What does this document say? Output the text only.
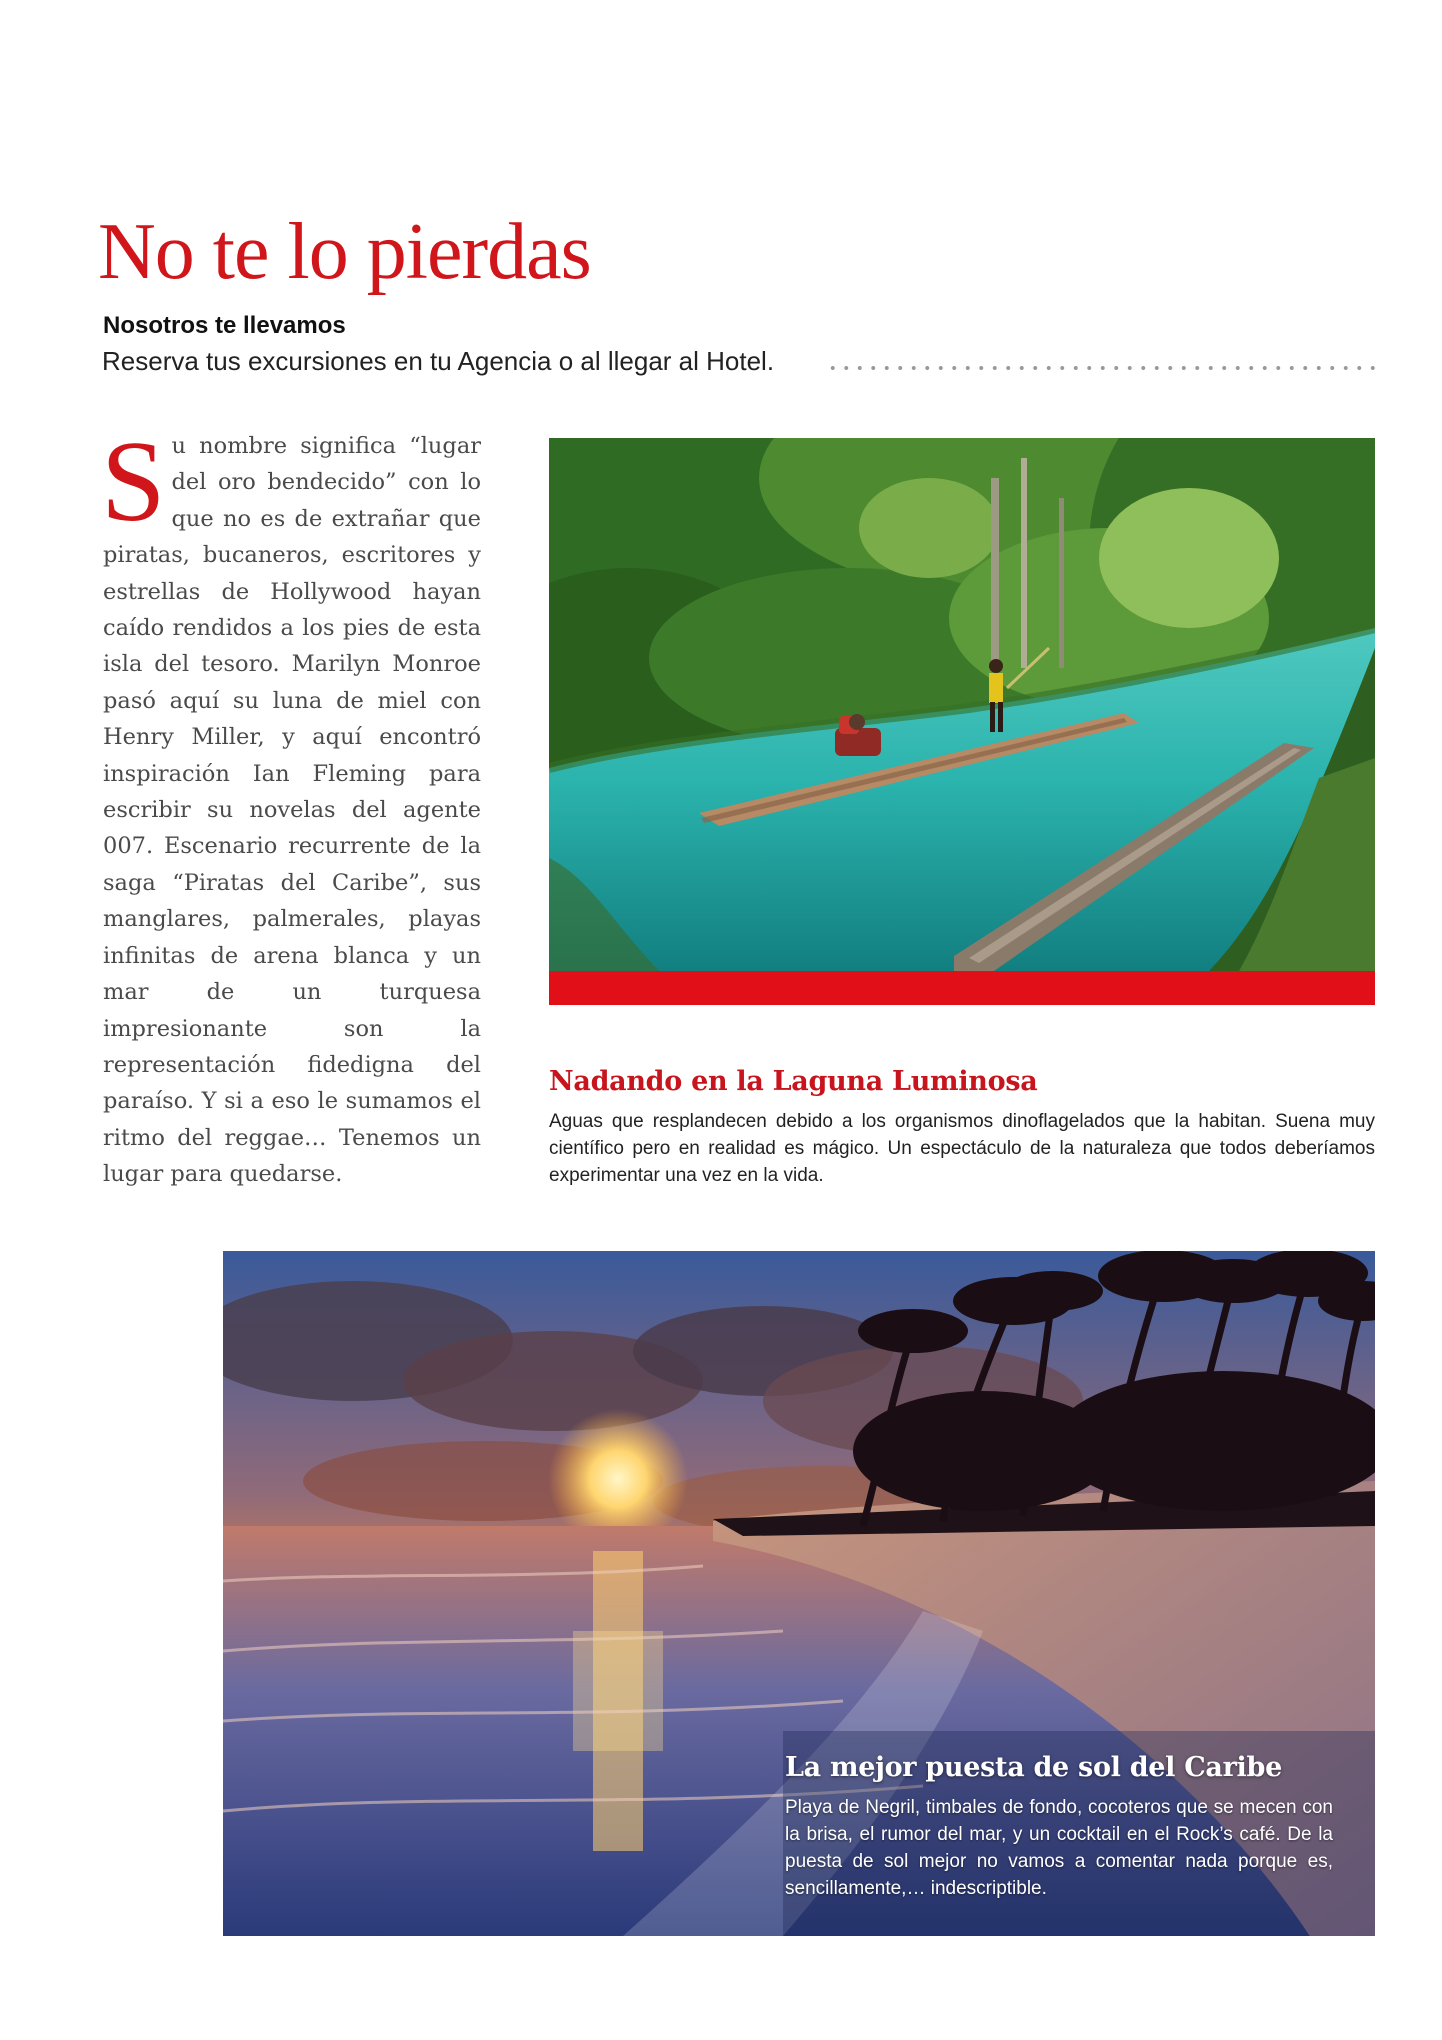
No te lo pierdas
Nosotros te llevamos
Reserva tus excursiones en tu Agencia o al llegar al Hotel.

Su nombre significa “lugar del oro bendecido” con lo que no es de extrañar que piratas, bucaneros, escritores y estrellas de Hollywood hayan caído rendidos a los pies de esta isla del tesoro. Marilyn Monroe pasó aquí su luna de miel con Henry Miller, y aquí encontró inspiración Ian Fleming para escribir su novelas del agente 007. Escenario recurrente de la saga “Piratas del Caribe”, sus manglares, palmerales, playas infinitas de arena blanca y un mar de un turquesa impresionante son la representación fidedigna del paraíso. Y si a eso le sumamos el ritmo del reggae… Tenemos un lugar para quedarse.

Nadando en la Laguna Luminosa

Aguas que resplandecen debido a los organismos dinoflagelados que la habitan. Suena muy científico pero en realidad es mágico. Un espectáculo de la naturaleza que todos deberíamos experimentar una vez en la vida.

La mejor puesta de sol del Caribe

Playa de Negril, timbales de fondo, cocoteros que se mecen con la brisa, el rumor del mar, y un cocktail en el Rock’s café. De la puesta de sol mejor no vamos a comentar nada porque es, sencillamente,… indescriptible.
